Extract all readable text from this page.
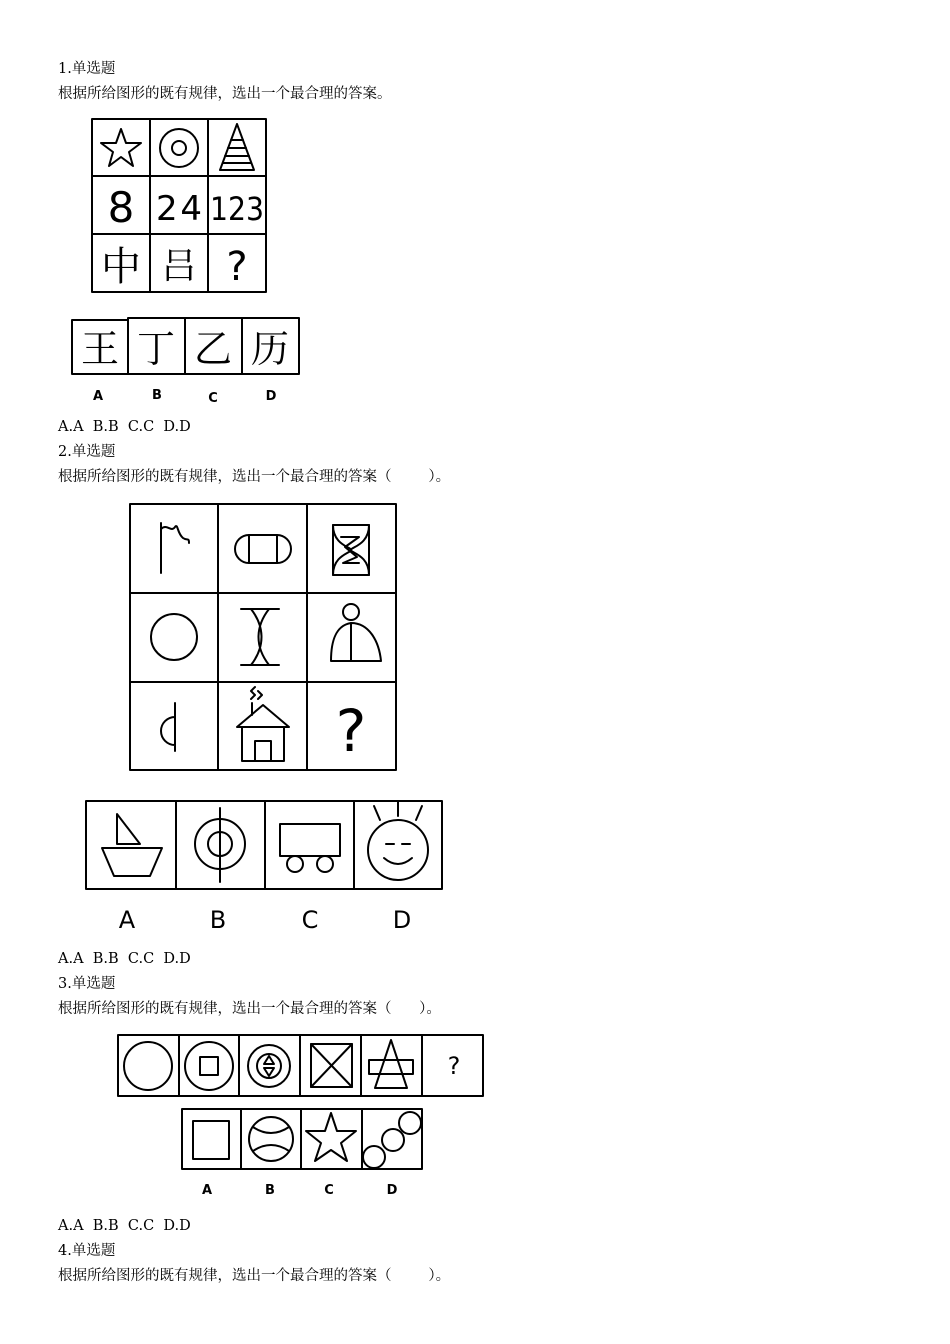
1.单选题
根据所给图形的既有规律，选出一个最合理的答案。
8 24 123
中 吕 ?
王 丁 乙 历
A	B	C	D
A.A  B.B  C.C  D.D
2.单选题
根据所给图形的既有规律，选出一个最合理的答案（        ）。
?
A	B	C	D
A.A  B.B  C.C  D.D
3.单选题
根据所给图形的既有规律，选出一个最合理的答案（      ）。
?
A	B	C	D
A.A  B.B  C.C  D.D
4.单选题
根据所给图形的既有规律，选出一个最合理的答案（        ）。
